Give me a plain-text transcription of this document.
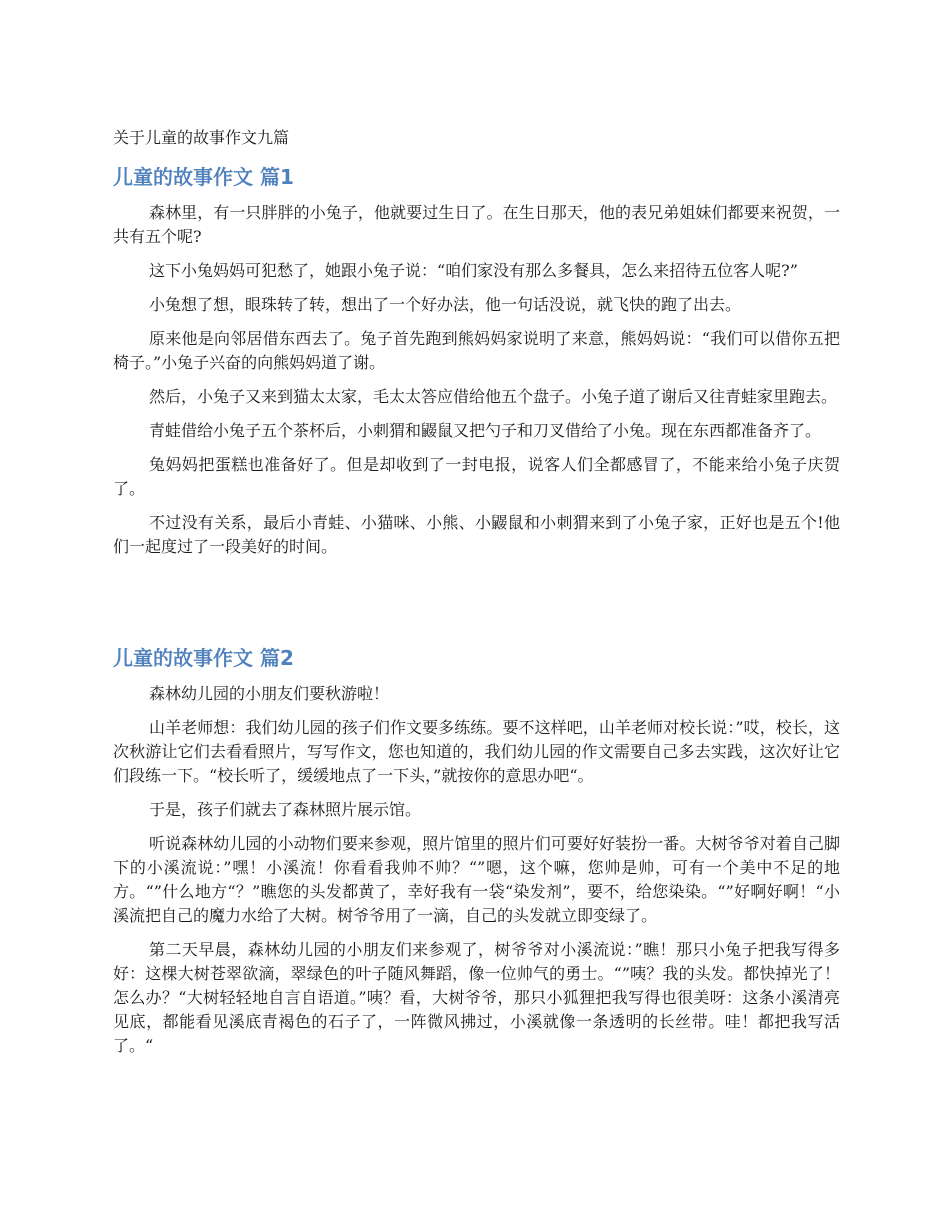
关于儿童的故事作文九篇

儿童的故事作文 篇1

森林里，有一只胖胖的小兔子，他就要过生日了。在生日那天，他的表兄弟姐妹们都要来祝贺，一共有五个呢?

这下小兔妈妈可犯愁了，她跟小兔子说：“咱们家没有那么多餐具，怎么来招待五位客人呢?”

小兔想了想，眼珠转了转，想出了一个好办法，他一句话没说，就飞快的跑了出去。

原来他是向邻居借东西去了。兔子首先跑到熊妈妈家说明了来意，熊妈妈说：“我们可以借你五把椅子。”小兔子兴奋的向熊妈妈道了谢。

然后，小兔子又来到猫太太家，毛太太答应借给他五个盘子。小兔子道了谢后又往青蛙家里跑去。

青蛙借给小兔子五个茶杯后，小刺猬和鼹鼠又把勺子和刀叉借给了小兔。现在东西都准备齐了。

兔妈妈把蛋糕也准备好了。但是却收到了一封电报，说客人们全都感冒了，不能来给小兔子庆贺了。

不过没有关系，最后小青蛙、小猫咪、小熊、小鼹鼠和小刺猬来到了小兔子家，正好也是五个!他们一起度过了一段美好的时间。

儿童的故事作文 篇2

森林幼儿园的小朋友们要秋游啦！

山羊老师想：我们幼儿园的孩子们作文要多练练。要不这样吧，山羊老师对校长说：”哎，校长，这次秋游让它们去看看照片，写写作文，您也知道的，我们幼儿园的作文需要自己多去实践，这次好让它们段练一下。“校长听了，缓缓地点了一下头，”就按你的意思办吧“。

于是，孩子们就去了森林照片展示馆。

听说森林幼儿园的小动物们要来参观，照片馆里的照片们可要好好装扮一番。大树爷爷对着自己脚下的小溪流说：”嘿！小溪流！你看看我帅不帅？“”嗯，这个嘛，您帅是帅，可有一个美中不足的地方。“”什么地方“？”瞧您的头发都黄了，幸好我有一袋“染发剂”，要不，给您染染。“”好啊好啊！“小溪流把自己的魔力水给了大树。树爷爷用了一滴，自己的头发就立即变绿了。

第二天早晨，森林幼儿园的小朋友们来参观了，树爷爷对小溪流说：”瞧！那只小兔子把我写得多好：这棵大树苍翠欲滴，翠绿色的叶子随风舞蹈，像一位帅气的勇士。“”咦？我的头发。都快掉光了！怎么办？“大树轻轻地自言自语道。”咦？看，大树爷爷，那只小狐狸把我写得也很美呀：这条小溪清亮见底，都能看见溪底青褐色的石子了，一阵微风拂过，小溪就像一条透明的长丝带。哇！都把我写活了。“
